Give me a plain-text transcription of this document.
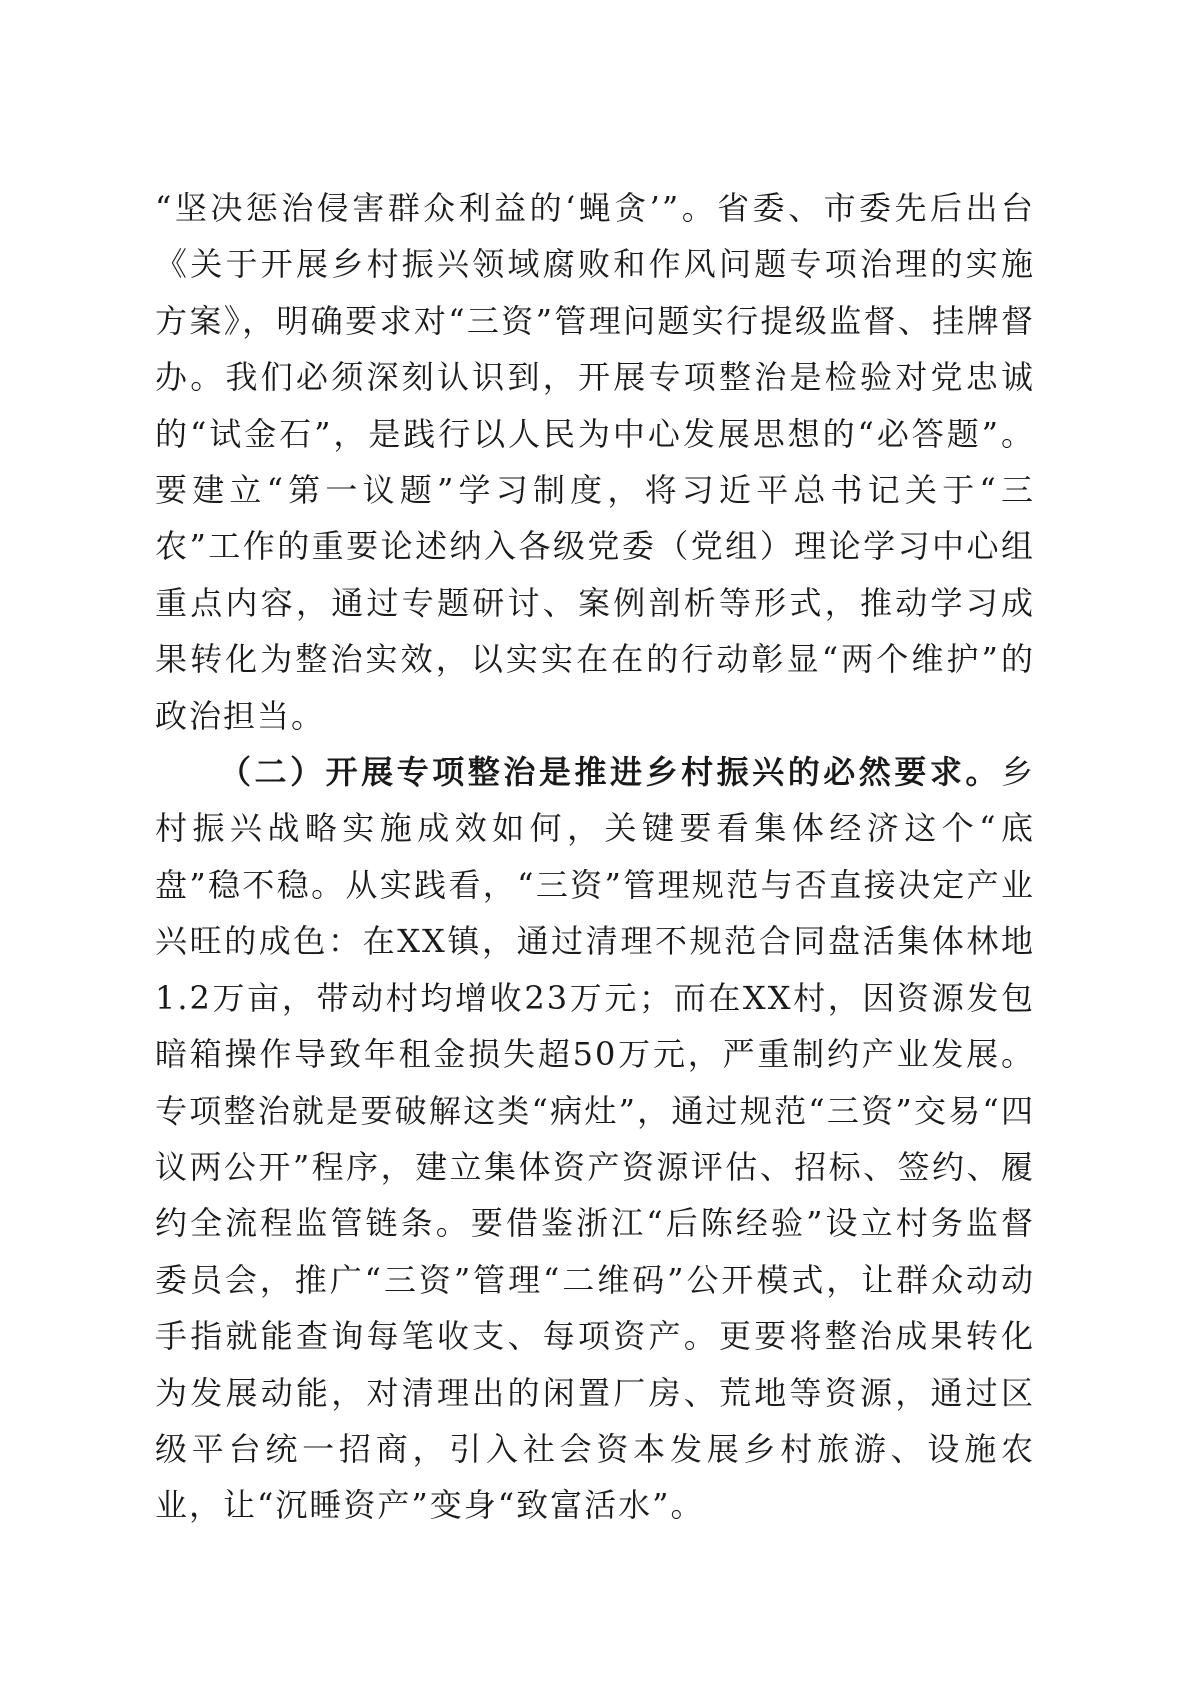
“坚决惩治侵害群众利益的‘蝇贪’”。省委、市委先后出台《关于开展乡村振兴领域腐败和作风问题专项治理的实施方案》，明确要求对“三资”管理问题实行提级监督、挂牌督办。我们必须深刻认识到，开展专项整治是检验对党忠诚的“试金石”，是践行以人民为中心发展思想的“必答题”。要建立“第一议题”学习制度，将习近平总书记关于“三农”工作的重要论述纳入各级党委（党组）理论学习中心组重点内容，通过专题研讨、案例剖析等形式，推动学习成果转化为整治实效，以实实在在的行动彰显“两个维护”的政治担当。

（二）开展专项整治是推进乡村振兴的必然要求。乡村振兴战略实施成效如何，关键要看集体经济这个“底盘”稳不稳。从实践看，“三资”管理规范与否直接决定产业兴旺的成色：在XX镇，通过清理不规范合同盘活集体林地1.2万亩，带动村均增收23万元；而在XX村，因资源发包暗箱操作导致年租金损失超50万元，严重制约产业发展。专项整治就是要破解这类“病灶”，通过规范“三资”交易“四议两公开”程序，建立集体资产资源评估、招标、签约、履约全流程监管链条。要借鉴浙江“后陈经验”设立村务监督委员会，推广“三资”管理“二维码”公开模式，让群众动动手指就能查询每笔收支、每项资产。更要将整治成果转化为发展动能，对清理出的闲置厂房、荒地等资源，通过区级平台统一招商，引入社会资本发展乡村旅游、设施农业，让“沉睡资产”变身“致富活水”。
